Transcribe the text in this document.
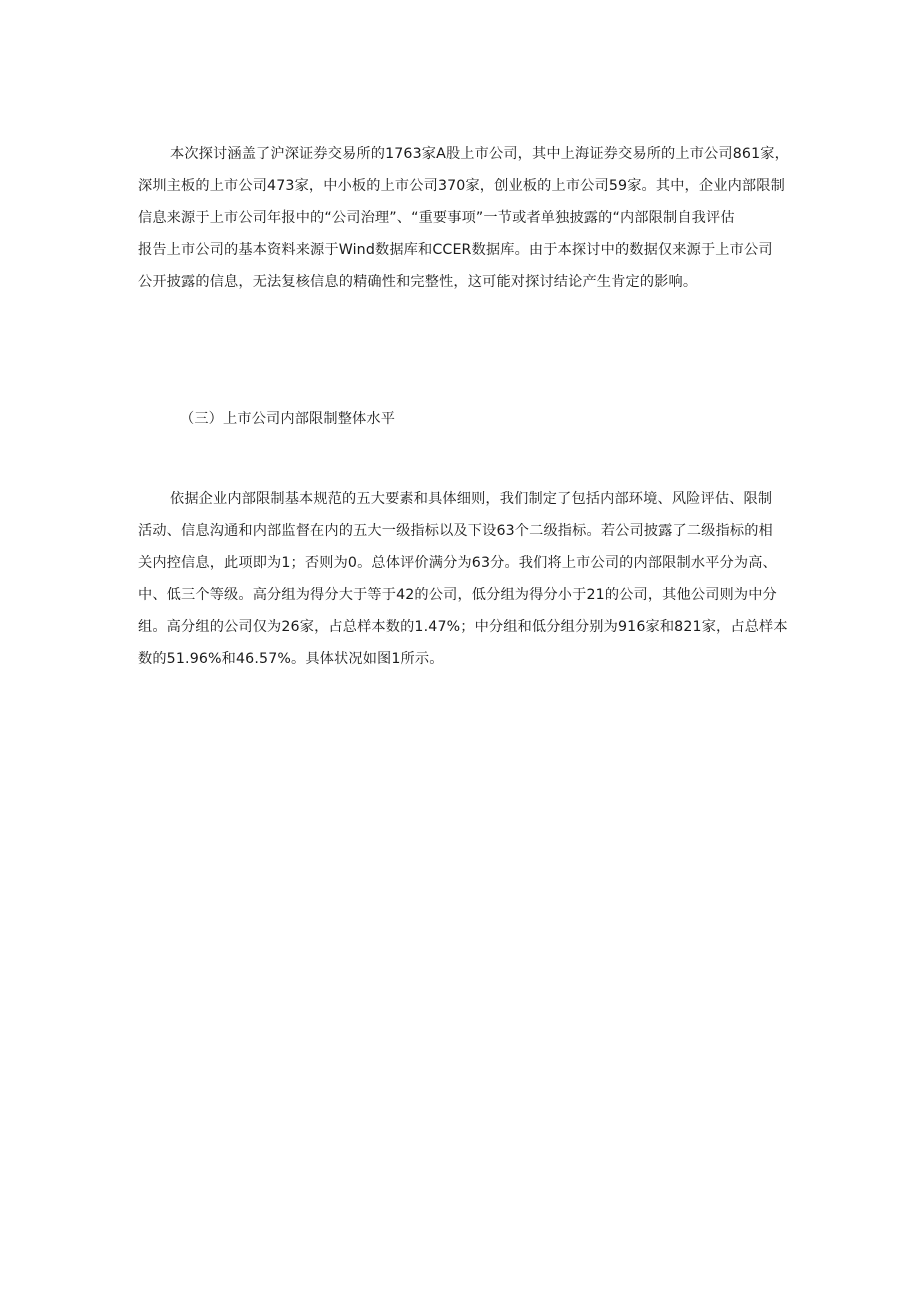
本次探讨涵盖了沪深证券交易所的1763家A股上市公司，其中上海证券交易所的上市公司861家，
深圳主板的上市公司473家，中小板的上市公司370家，创业板的上市公司59家。其中，企业内部限制
信息来源于上市公司年报中的“公司治理”、“重要事项”一节或者单独披露的“内部限制自我评估
报告上市公司的基本资料来源于Wind数据库和CCER数据库。由于本探讨中的数据仅来源于上市公司
公开披露的信息，无法复核信息的精确性和完整性，这可能对探讨结论产生肯定的影响。
（三）上市公司内部限制整体水平
依据企业内部限制基本规范的五大要素和具体细则，我们制定了包括内部环境、风险评估、限制
活动、信息沟通和内部监督在内的五大一级指标以及下设63个二级指标。若公司披露了二级指标的相
关内控信息，此项即为1；否则为0。总体评价满分为63分。我们将上市公司的内部限制水平分为高、
中、低三个等级。高分组为得分大于等于42的公司，低分组为得分小于21的公司，其他公司则为中分
组。高分组的公司仅为26家，占总样本数的1.47%；中分组和低分组分别为916家和821家，占总样本
数的51.96%和46.57%。具体状况如图1所示。
